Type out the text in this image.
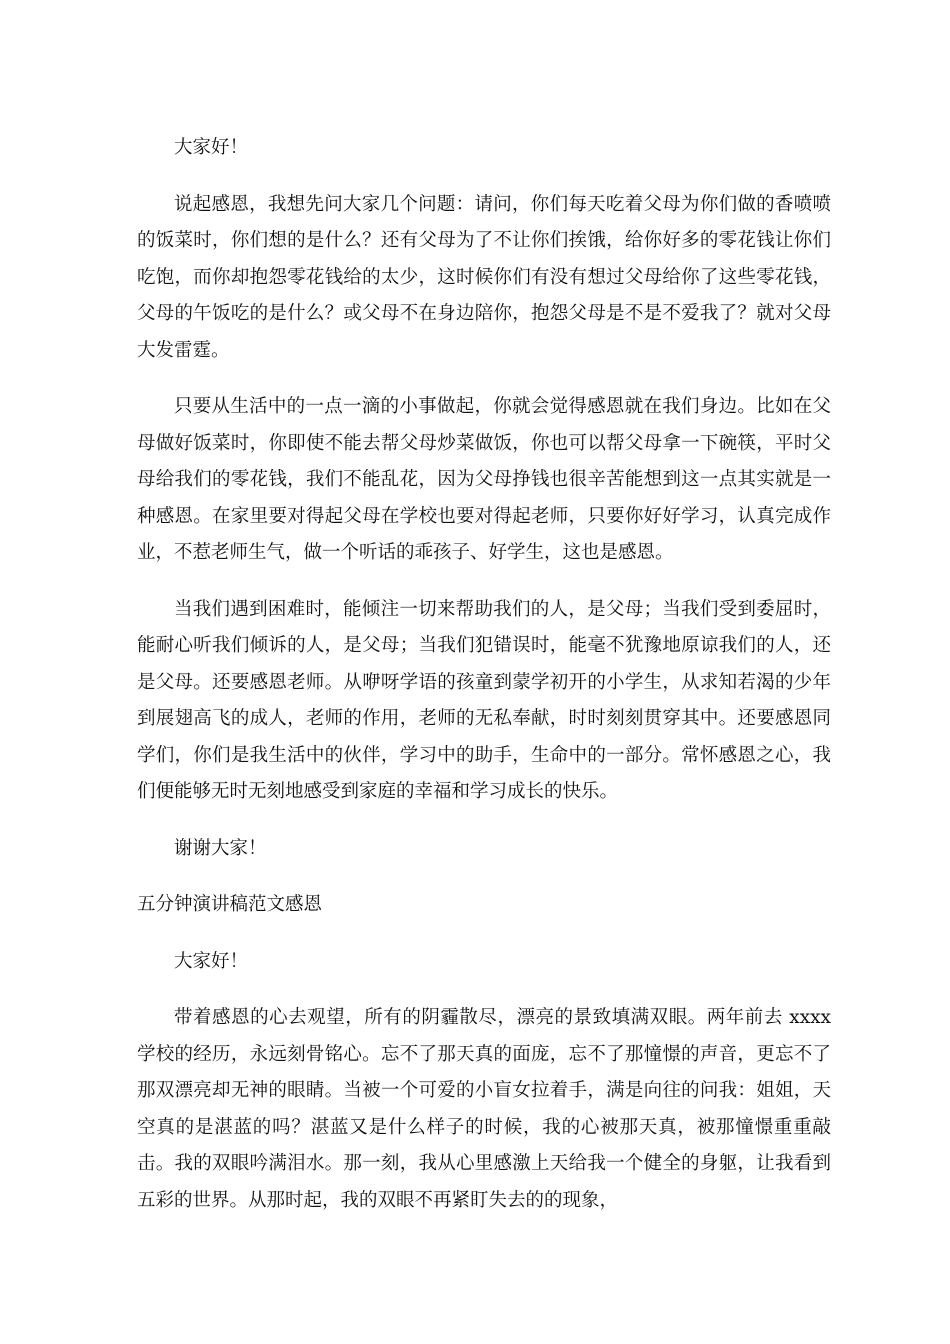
大家好！

说起感恩，我想先问大家几个问题：请问，你们每天吃着父母为你们做的香喷喷的饭菜时，你们想的是什么？还有父母为了不让你们挨饿，给你好多的零花钱让你们吃饱，而你却抱怨零花钱给的太少，这时候你们有没有想过父母给你了这些零花钱，父母的午饭吃的是什么？或父母不在身边陪你，抱怨父母是不是不爱我了？就对父母大发雷霆。

只要从生活中的一点一滴的小事做起，你就会觉得感恩就在我们身边。比如在父母做好饭菜时，你即使不能去帮父母炒菜做饭，你也可以帮父母拿一下碗筷，平时父母给我们的零花钱，我们不能乱花，因为父母挣钱也很辛苦能想到这一点其实就是一种感恩。在家里要对得起父母在学校也要对得起老师，只要你好好学习，认真完成作业，不惹老师生气，做一个听话的乖孩子、好学生，这也是感恩。

当我们遇到困难时，能倾注一切来帮助我们的人，是父母；当我们受到委屈时，能耐心听我们倾诉的人，是父母；当我们犯错误时，能毫不犹豫地原谅我们的人，还是父母。还要感恩老师。从咿呀学语的孩童到蒙学初开的小学生，从求知若渴的少年到展翅高飞的成人，老师的作用，老师的无私奉献，时时刻刻贯穿其中。还要感恩同学们，你们是我生活中的伙伴，学习中的助手，生命中的一部分。常怀感恩之心，我们便能够无时无刻地感受到家庭的幸福和学习成长的快乐。

谢谢大家！

五分钟演讲稿范文感恩

大家好！

带着感恩的心去观望，所有的阴霾散尽，漂亮的景致填满双眼。两年前去 xxxx 学校的经历，永远刻骨铭心。忘不了那天真的面庞，忘不了那憧憬的声音，更忘不了那双漂亮却无神的眼睛。当被一个可爱的小盲女拉着手，满是向往的问我：姐姐，天空真的是湛蓝的吗？湛蓝又是什么样子的时候，我的心被那天真，被那憧憬重重敲击。我的双眼吟满泪水。那一刻，我从心里感激上天给我一个健全的身躯，让我看到五彩的世界。从那时起，我的双眼不再紧盯失去的的现象，
